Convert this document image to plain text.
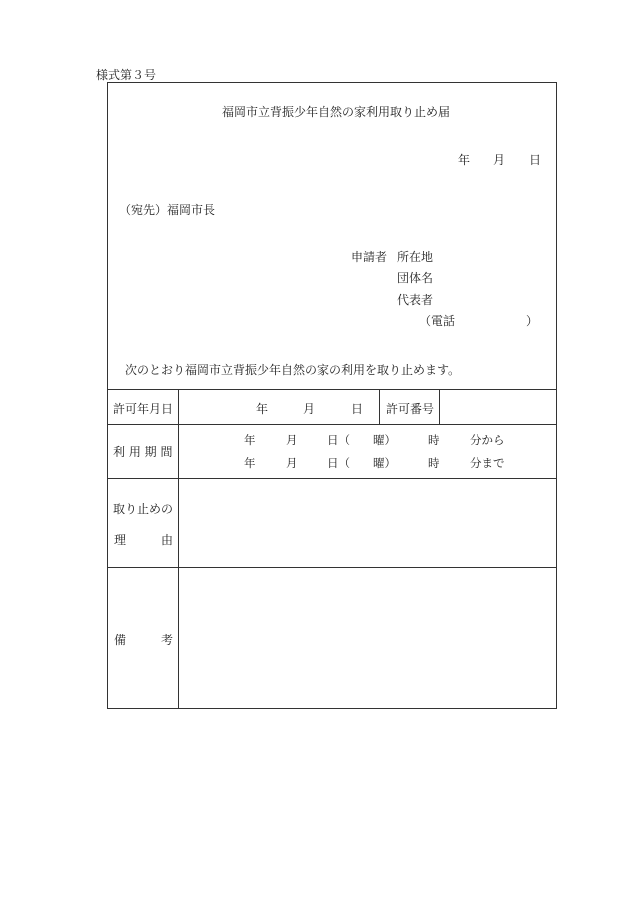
様式第３号
福岡市立背振少年自然の家利用取り止め届
年 月 日
（宛先）福岡市長
申請者 所在地
団体名
代表者
（電話	）
次のとおり福岡市立背振少年自然の家の利用を取り止めます。
許可年月日	年	月	日 許可番号
利 用 期 間
年	月	日（ 曜）	時	分から
年	月	日（ 曜）	時	分まで
取り止めの
理	由
備	考
